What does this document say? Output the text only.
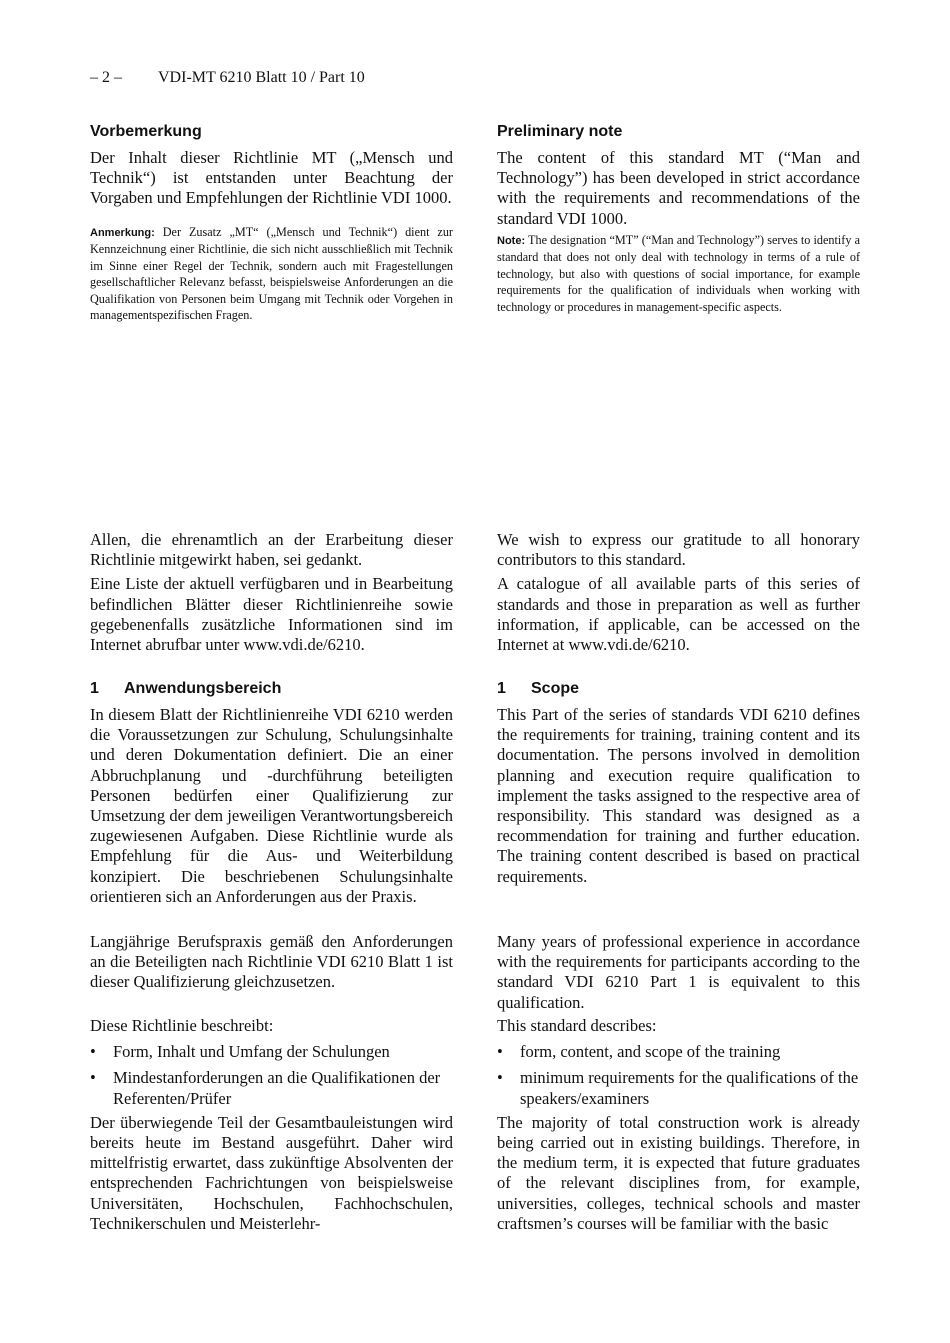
– 2 – VDI-MT 6210 Blatt 10 / Part 10
Vorbemerkung

Der Inhalt dieser Richtlinie MT („Mensch und Technik“) ist entstanden unter Beachtung der Vorgaben und Empfehlungen der Richtlinie VDI 1000.

Anmerkung: Der Zusatz „MT“ („Mensch und Technik“) dient zur Kennzeichnung einer Richtlinie, die sich nicht ausschließlich mit Technik im Sinne einer Regel der Technik, sondern auch mit Fragestellungen gesellschaftlicher Relevanz befasst, beispielsweise Anforderungen an die Qualifikation von Personen beim Umgang mit Technik oder Vorgehen in managementspezifischen Fragen.

Allen, die ehrenamtlich an der Erarbeitung dieser Richtlinie mitgewirkt haben, sei gedankt.

Eine Liste der aktuell verfügbaren und in Bearbeitung befindlichen Blätter dieser Richtlinienreihe sowie gegebenenfalls zusätzliche Informationen sind im Internet abrufbar unter www.vdi.de/6210.

1 Anwendungsbereich

In diesem Blatt der Richtlinienreihe VDI 6210 werden die Voraussetzungen zur Schulung, Schulungsinhalte und deren Dokumentation definiert. Die an einer Abbruchplanung und -durchführung beteiligten Personen bedürfen einer Qualifizierung zur Umsetzung der dem jeweiligen Verantwortungsbereich zugewiesenen Aufgaben. Diese Richtlinie wurde als Empfehlung für die Aus- und Weiterbildung konzipiert. Die beschriebenen Schulungsinhalte orientieren sich an Anforderungen aus der Praxis.

Langjährige Berufspraxis gemäß den Anforderungen an die Beteiligten nach Richtlinie VDI 6210 Blatt 1 ist dieser Qualifizierung gleichzusetzen.

Diese Richtlinie beschreibt:

• Form, Inhalt und Umfang der Schulungen
• Mindestanforderungen an die Qualifikationen der Referenten/Prüfer

Der überwiegende Teil der Gesamtbauleistungen wird bereits heute im Bestand ausgeführt. Daher wird mittelfristig erwartet, dass zukünftige Absolventen der entsprechenden Fachrichtungen von beispielsweise Universitäten, Hochschulen, Fachhochschulen, Technikerschulen und Meisterlehr-

Preliminary note

The content of this standard MT (“Man and Technology”) has been developed in strict accordance with the requirements and recommendations of the standard VDI 1000.

Note: The designation “MT” (“Man and Technology”) serves to identify a standard that does not only deal with technology in terms of a rule of technology, but also with questions of social importance, for example requirements for the qualification of individuals when working with technology or procedures in management-specific aspects.

We wish to express our gratitude to all honorary contributors to this standard.

A catalogue of all available parts of this series of standards and those in preparation as well as further information, if applicable, can be accessed on the Internet at www.vdi.de/6210.

1 Scope

This Part of the series of standards VDI 6210 defines the requirements for training, training content and its documentation. The persons involved in demolition planning and execution require qualification to implement the tasks assigned to the respective area of responsibility. This standard was designed as a recommendation for training and further education. The training content described is based on practical requirements.

Many years of professional experience in accordance with the requirements for participants according to the standard VDI 6210 Part 1 is equivalent to this qualification.

This standard describes:

• form, content, and scope of the training
• minimum requirements for the qualifications of the speakers/examiners

The majority of total construction work is already being carried out in existing buildings. Therefore, in the medium term, it is expected that future graduates of the relevant disciplines from, for example, universities, colleges, technical schools and master craftsmen’s courses will be familiar with the basic
